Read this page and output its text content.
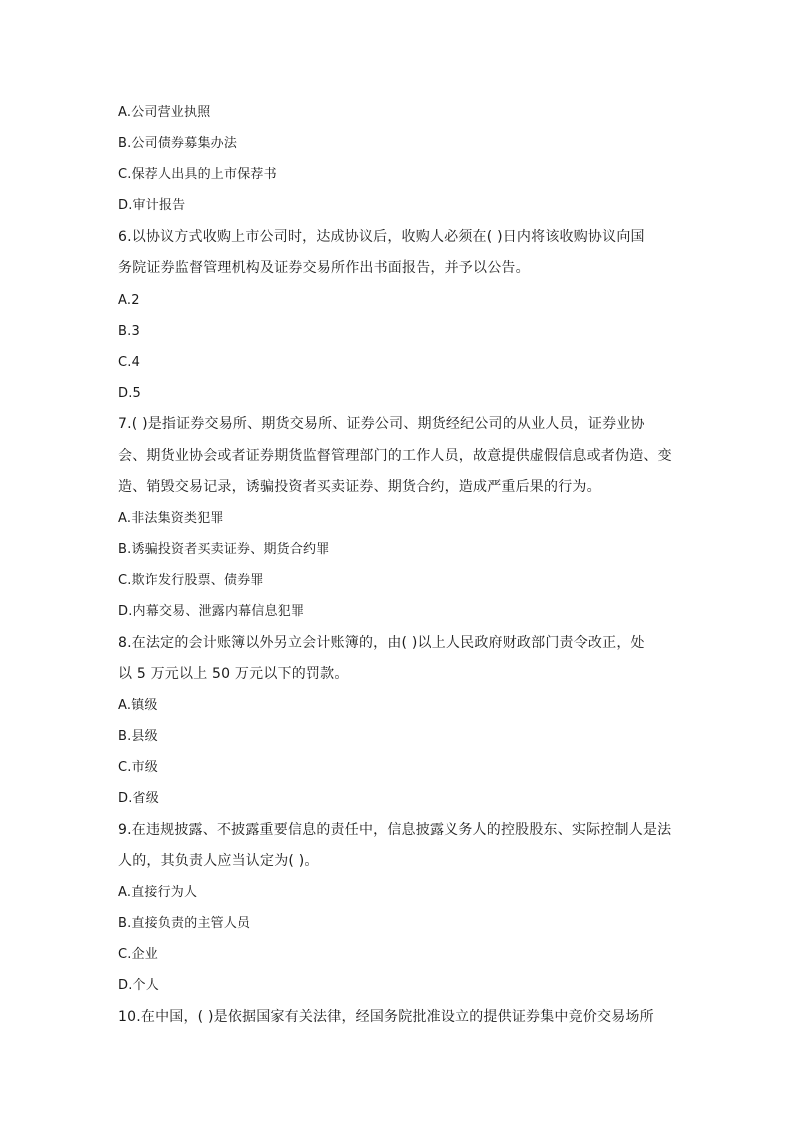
A.公司营业执照
B.公司债券募集办法
C.保荐人出具的上市保荐书
D.审计报告
6.以协议方式收购上市公司时，达成协议后，收购人必须在( )日内将该收购协议向国
务院证券监督管理机构及证券交易所作出书面报告，并予以公告。
A.2
B.3
C.4
D.5
7.( )是指证券交易所、期货交易所、证券公司、期货经纪公司的从业人员，证券业协
会、期货业协会或者证券期货监督管理部门的工作人员，故意提供虚假信息或者伪造、变
造、销毁交易记录，诱骗投资者买卖证券、期货合约，造成严重后果的行为。
A.非法集资类犯罪
B.诱骗投资者买卖证券、期货合约罪
C.欺诈发行股票、债券罪
D.内幕交易、泄露内幕信息犯罪
8.在法定的会计账簿以外另立会计账簿的，由( )以上人民政府财政部门责令改正，处
以 5 万元以上 50 万元以下的罚款。
A.镇级
B.县级
C.市级
D.省级
9.在违规披露、不披露重要信息的责任中，信息披露义务人的控股股东、实际控制人是法
人的，其负责人应当认定为( )。
A.直接行为人
B.直接负责的主管人员
C.企业
D.个人
10.在中国，( )是依据国家有关法律，经国务院批准设立的提供证券集中竞价交易场所
